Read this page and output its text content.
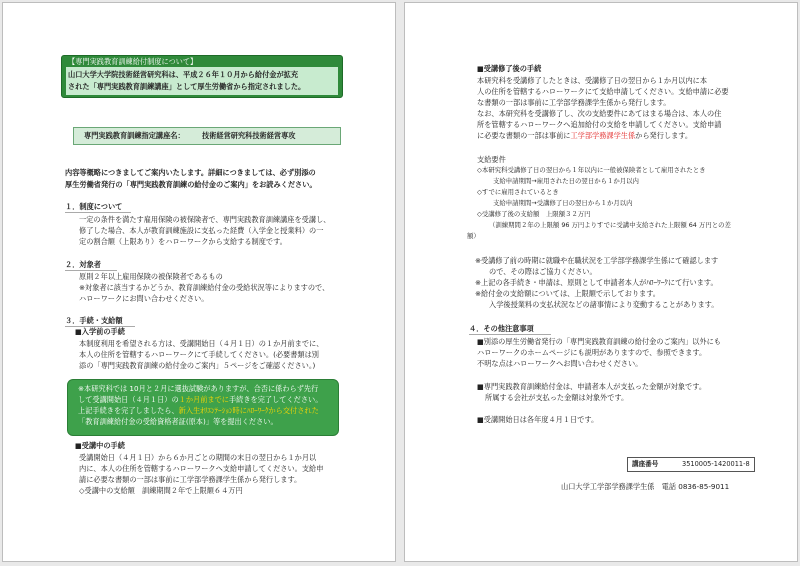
【専門実践教育訓練給付制度について】
山口大学大学院技術経営研究科は、平成２６年１０月から給付金が拡充
された「専門実践教育訓練講座」として厚生労働省から指定されました。
専門実践教育訓練指定講座名： 技術経営研究科技術経営専攻
内容等概略につきましてご案内いたします。詳細につきましては、必ず別添の
厚生労働省発行の「専門実践教育訓練の給付金のご案内」をお読みください。
１．制度について
一定の条件を満たす雇用保険の被保険者で、専門実践教育訓練講座を受講し、
修了した場合、本人が教育訓練施設に支払った経費（入学金と授業料）の一
定の割合額（上限あり）をハローワークから支給する制度です。
２．対象者
原則２年以上雇用保険の被保険者であるもの
※対象者に該当するかどうか、教育訓練給付金の受給状況等によりますので、
ハローワークにお問い合わせください。
３．手続・支給額
■入学前の手続
本制度利用を希望される方は、受講開始日（４月１日）の１か月前までに、
本人の住所を管轄するハローワークにて手続してください。(必要書類は別
添の「専門実践教育訓練の給付金のご案内」５ページをご確認ください。)
※本研究科では 10月と２月に選抜試験がありますが、合否に係わらず先行
して受講開始日（４月１日）の１か月前までに手続きを完了してください。
上記手続きを完了しましたら、新入生ｵﾘｴﾝﾃｰｼｮﾝ時にﾊﾛｰﾜｰｸから交付された
「教育訓練給付金の受給資格者証(原本)」等を提出ください。
■受講中の手続
受講開始日（４月１日）から６か月ごとの期間の末日の翌日から１か月以
内に、本人の住所を管轄するハローワークへ支給申請してください。支給申
請に必要な書類の一部は事前に工学部学務課学生係から発行します。
◇受講中の支給額　訓練期間２年で上限額６４万円
■受講修了後の手続
本研究科を受講修了したときは、受講修了日の翌日から１か月以内に本
人の住所を管轄するハローワークにて支給申請してください。支給申請に必要
な書類の一部は事前に工学部学務課学生係から発行します。
なお、本研究科を受講修了し、次の支給要件にあてはまる場合は、本人の住
所を管轄するハローワークへ追加給付の支給を申請してください。支給申請
に必要な書類の一部は事前に工学部学務課学生係から発行します。
支給要件
◇本研究科受講修了日の翌日から１年以内に一般被保険者として雇用されたとき
支給申請期間→雇用された日の翌日から１か月以内
◇すでに雇用されているとき
支給申請期間→受講修了日の翌日から１か月以内
◇受講修了後の支給額　上限額３２万円
（訓練期間２年の上限額 96 万円よりすでに受講中支給された上限額 64 万円との差
額）
※受講修了前の時期に就職や在職状況を工学部学務課学生係にて確認します
ので、その際はご協力ください。
※上記の各手続き・申請は、原則として申請者本人がﾊﾛｰﾜｰｸにて行います。
※給付金の支給額については、上限額で示しております。
入学後授業料の支払状況などの諸事情により変動することがあります。
４．その他注意事項
■別添の厚生労働省発行の「専門実践教育訓練の給付金のご案内」以外にも
ハローワークのホームページにも説明がありますので、参照できます。
不明な点はハローワークへお問い合わせください。
■専門実践教育訓練給付金は、申請者本人が支払った金額が対象です。
所属する会社が支払った金額は対象外です。
■受講開始日は各年度４月１日です。
講座番号	3510005-1420011-8
山口大学工学部学務課学生係　電話 0836-85-9011
